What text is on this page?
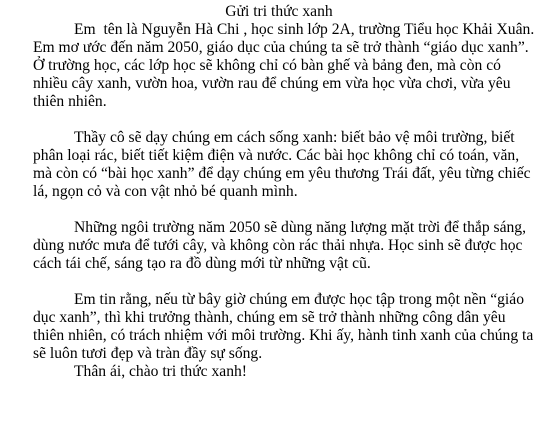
Gửi tri thức xanh
Em  tên là Nguyễn Hà Chi , học sinh lớp 2A, trường Tiểu học Khải Xuân.
Em mơ ước đến năm 2050, giáo dục của chúng ta sẽ trở thành “giáo dục xanh”.
Ở trường học, các lớp học sẽ không chỉ có bàn ghế và bảng đen, mà còn có
nhiều cây xanh, vườn hoa, vườn rau để chúng em vừa học vừa chơi, vừa yêu
thiên nhiên.
Thầy cô sẽ dạy chúng em cách sống xanh: biết bảo vệ môi trường, biết
phân loại rác, biết tiết kiệm điện và nước. Các bài học không chỉ có toán, văn,
mà còn có “bài học xanh” để dạy chúng em yêu thương Trái đất, yêu từng chiếc
lá, ngọn cỏ và con vật nhỏ bé quanh mình.
Những ngôi trường năm 2050 sẽ dùng năng lượng mặt trời để thắp sáng,
dùng nước mưa để tưới cây, và không còn rác thải nhựa. Học sinh sẽ được học
cách tái chế, sáng tạo ra đồ dùng mới từ những vật cũ.
Em tin rằng, nếu từ bây giờ chúng em được học tập trong một nền “giáo
dục xanh”, thì khi trưởng thành, chúng em sẽ trở thành những công dân yêu
thiên nhiên, có trách nhiệm với môi trường. Khi ấy, hành tinh xanh của chúng ta
sẽ luôn tươi đẹp và tràn đầy sự sống.
Thân ái, chào tri thức xanh!
